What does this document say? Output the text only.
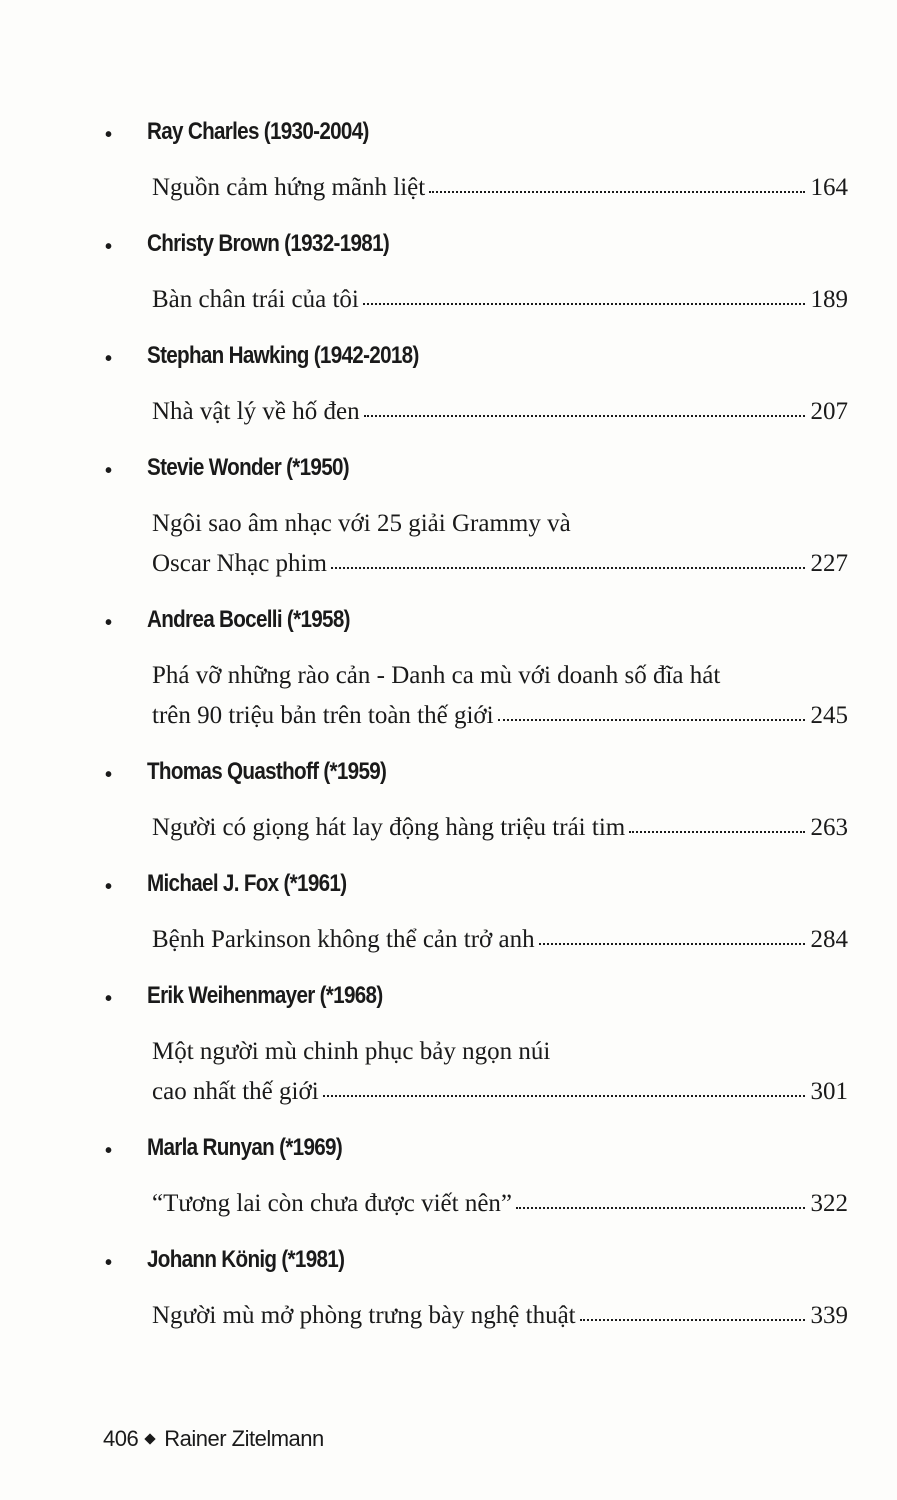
• Ray Charles (1930-2004)
Nguồn cảm hứng mãnh liệt	164
• Christy Brown (1932-1981)
Bàn chân trái của tôi	189
• Stephan Hawking (1942-2018)
Nhà vật lý về hố đen	207
• Stevie Wonder (*1950)
Ngôi sao âm nhạc với 25 giải Grammy và
Oscar Nhạc phim	227
• Andrea Bocelli (*1958)
Phá vỡ những rào cản - Danh ca mù với doanh số đĩa hát
trên 90 triệu bản trên toàn thế giới	245
• Thomas Quasthoff (*1959)
Người có giọng hát lay động hàng triệu trái tim	263
• Michael J. Fox (*1961)
Bệnh Parkinson không thể cản trở anh	284
• Erik Weihenmayer (*1968)
Một người mù chinh phục bảy ngọn núi
cao nhất thế giới	301
• Marla Runyan (*1969)
“Tương lai còn chưa được viết nên”	322
• Johann König (*1981)
Người mù mở phòng trưng bày nghệ thuật	339
406 Rainer Zitelmann
